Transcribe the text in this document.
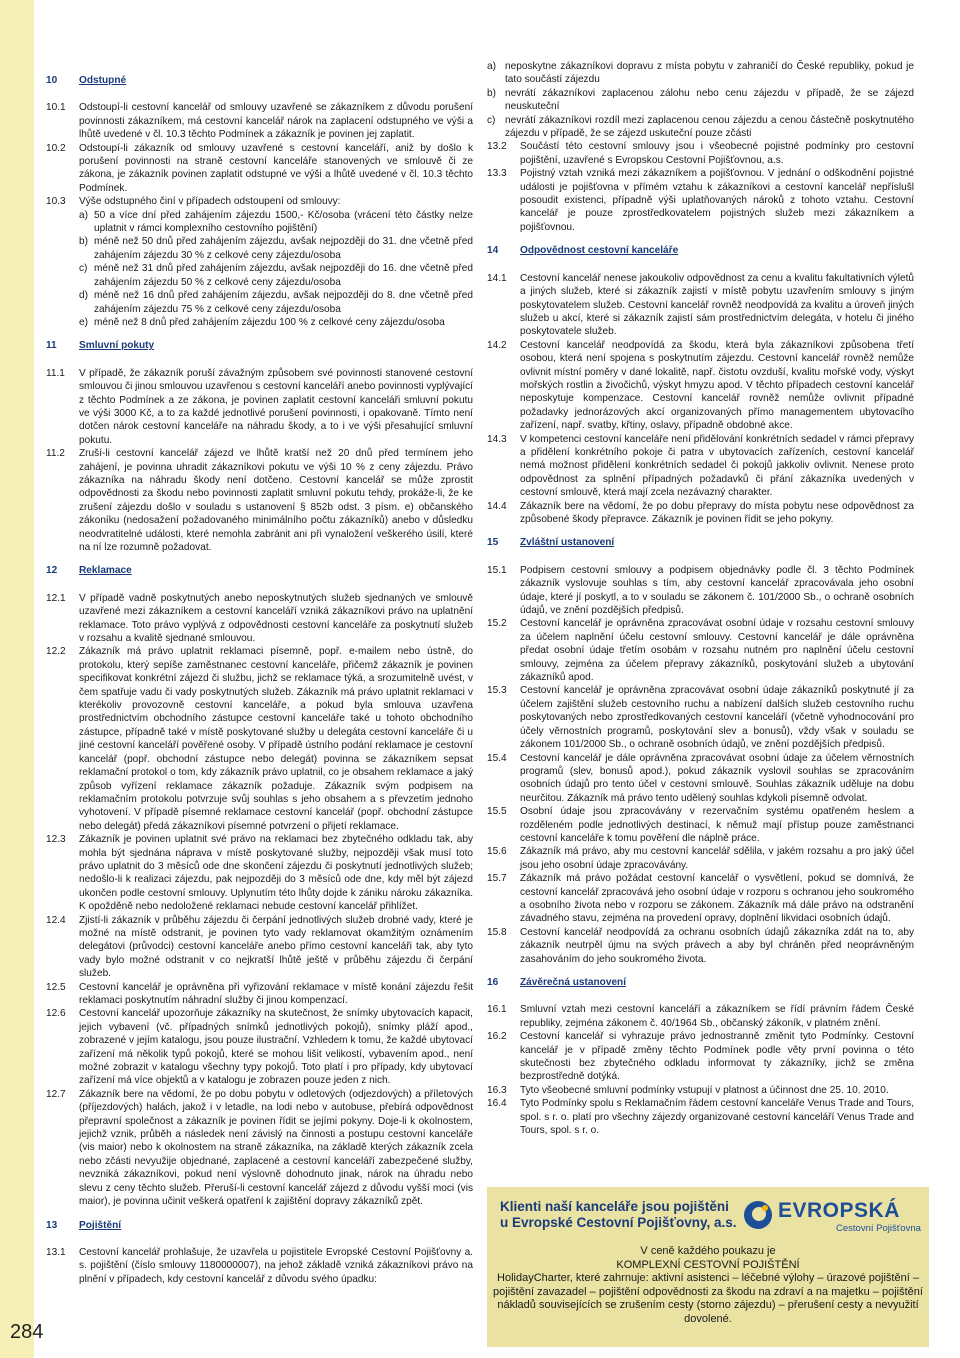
284
10	Odstupné
10.1	Odstoupí-li cestovní kancelář od smlouvy uzavřené se zákazníkem z důvodu porušení povinnosti zákazníkem, má cestovní kancelář nárok na zaplacení odstupného ve výši a lhůtě uvedené v čl. 10.3 těchto Podmínek a zákazník je povinen jej zaplatit.
10.2	Odstoupí-li zákazník od smlouvy uzavřené s cestovní kanceláří, aniž by došlo k porušení povinnosti na straně cestovní kanceláře stanovených ve smlouvě či ze zákona, je zákazník povinen zaplatit odstupné ve výši a lhůtě uvedené v čl. 10.3 těchto Podmínek.
10.3	Výše odstupného činí v případech odstoupení od smlouvy:
a) 50 a více dní před zahájením zájezdu 1500,- Kč/osoba (vrácení této částky nelze uplatnit v rámci komplexního cestovního pojištění)
b) méně než 50 dnů před zahájením zájezdu, avšak nejpozději do 31. dne včetně před zahájením zájezdu 30 % z celkové ceny zájezdu/osoba
c) méně než 31 dnů před zahájením zájezdu, avšak nejpozději do 16. dne včetně před zahájením zájezdu 50 % z celkové ceny zájezdu/osoba
d) méně než 16 dnů před zahájením zájezdu, avšak nejpozději do 8. dne včetně před zahájením zájezdu 75 % z celkové ceny zájezdu/osoba
e) méně než 8 dnů před zahájením zájezdu 100 % z celkové ceny zájezdu/osoba
11	Smluvní pokuty
11.1	V případě, že zákazník poruší závažným způsobem své povinnosti stanovené cestovní smlouvou či jinou smlouvou uzavřenou s cestovní kanceláří anebo povinnosti vyplývající z těchto Podmínek a ze zákona, je povinen zaplatit cestovní kanceláři smluvní pokutu ve výši 3000 Kč, a to za každé jednotlivé porušení povinnosti, i opakovaně. Tímto není dotčen nárok cestovní kanceláře na náhradu škody, a to i ve výši přesahující smluvní pokutu.
11.2	Zruší-li cestovní kancelář zájezd ve lhůtě kratší než 20 dnů před termínem jeho zahájení, je povinna uhradit zákazníkovi pokutu ve výši 10 % z ceny zájezdu. Právo zákazníka na náhradu škody není dotčeno. Cestovní kancelář se může zprostit odpovědnosti za škodu nebo povinnosti zaplatit smluvní pokutu tehdy, prokáže-li, že ke zrušení zájezdu došlo v souladu s ustanovení § 852b odst. 3 písm. e) občanského zákoníku (nedosažení požadovaného minimálního počtu zákazníků) anebo v důsledku neodvratitelné události, které nemohla zabránit ani při vynaložení veškerého úsilí, které na ní lze rozumně požadovat.
12	Reklamace
12.1	V případě vadně poskytnutých anebo neposkytnutých služeb sjednaných ve smlouvě uzavřené mezi zákazníkem a cestovní kanceláří vzniká zákazníkovi právo na uplatnění reklamace. Toto právo vyplývá z odpovědnosti cestovní kanceláře za poskytnutí služeb v rozsahu a kvalitě sjednané smlouvou.
12.2	Zákazník má právo uplatnit reklamaci písemně, popř. e-mailem nebo ústně, do protokolu, který sepíše zaměstnanec cestovní kanceláře, přičemž zákazník je povinen specifikovat konkrétní zájezd či službu, jichž se reklamace týká, a srozumitelně uvést, v čem spatřuje vadu či vady poskytnutých služeb. Zákazník má právo uplatnit reklamaci v kterékoliv provozovně cestovní kanceláře, a pokud byla smlouva uzavřena prostřednictvím obchodního zástupce cestovní kanceláře také u tohoto obchodního zástupce, případně také v místě poskytované služby u delegáta cestovní kanceláře či u jiné cestovní kanceláří pověřené osoby. V případě ústního podání reklamace je cestovní kancelář (popř. obchodní zástupce nebo delegát) povinna se zákazníkem sepsat reklamační protokol o tom, kdy zákazník právo uplatnil, co je obsahem reklamace a jaký způsob vyřízení reklamace zákazník požaduje. Zákazník svým podpisem na reklamačním protokolu potvrzuje svůj souhlas s jeho obsahem a s převzetím jednoho vyhotovení. V případě písemné reklamace cestovní kancelář (popř. obchodní zástupce nebo delegát) předá zákazníkovi písemné potvrzení o přijetí reklamace.
12.3	Zákazník je povinen uplatnit své právo na reklamaci bez zbytečného odkladu tak, aby mohla být sjednána náprava v místě poskytované služby, nejpozději však musí toto právo uplatnit do 3 měsíců ode dne skončení zájezdu či poskytnutí jednotlivých služeb; nedošlo-li k realizaci zájezdu, pak nejpozději do 3 měsíců ode dne, kdy měl být zájezd ukončen podle cestovní smlouvy. Uplynutím této lhůty dojde k zániku nároku zákazníka. K opožděně nebo nedoložené reklamaci nebude cestovní kancelář přihlížet.
12.4	Zjistí-li zákazník v průběhu zájezdu či čerpání jednotlivých služeb drobné vady, které je možné na místě odstranit, je povinen tyto vady reklamovat okamžitým oznámením delegátovi (průvodci) cestovní kanceláře anebo přímo cestovní kanceláři tak, aby tyto vady bylo možné odstranit v co nejkratší lhůtě ještě v průběhu zájezdu či čerpání služeb.
12.5	Cestovní kancelář je oprávněna při vyřizování reklamace v místě konání zájezdu řešit reklamaci poskytnutím náhradní služby či jinou kompenzací.
12.6	Cestovní kancelář upozorňuje zákazníky na skutečnost, že snímky ubytovacích kapacit, jejich vybavení (vč. případných snímků jednotlivých pokojů), snímky pláží apod., zobrazené v jejím katalogu, jsou pouze ilustrační. Vzhledem k tomu, že každé ubytovací zařízení má několik typů pokojů, které se mohou lišit velikostí, vybavením apod., není možné zobrazit v katalogu všechny typy pokojů. Toto platí i pro případy, kdy ubytovací zařízení má více objektů a v katalogu je zobrazen pouze jeden z nich.
12.7	Zákazník bere na vědomí, že po dobu pobytu v odletových (odjezdových) a příletových (příjezdových) halách, jakož i v letadle, na lodi nebo v autobuse, přebírá odpovědnost přepravní společnost a zákazník je povinen řídit se jejími pokyny. Doje-li k okolnostem, jejichž vznik, průběh a následek není závislý na činnosti a postupu cestovní kanceláře (vis maior) nebo k okolnostem na straně zákazníka, na základě kterých zákazník zcela nebo zčásti nevyužije objednané, zaplacené a cestovní kanceláří zabezpečené služby, nevzniká zákazníkovi, pokud není výslovně dohodnuto jinak, nárok na úhradu nebo slevu z ceny těchto služeb. Přeruší-li cestovní kancelář zájezd z důvodu vyšší moci (vis maior), je povinna učinit veškerá opatření k zajištění dopravy zákazníků zpět.
13	Pojištění
13.1	Cestovní kancelář prohlašuje, že uzavřela u pojistitele Evropské Cestovní Pojišťovny a. s. pojištění (číslo smlouvy 1180000007), na jehož základě vzniká zákazníkovi právo na plnění v případech, kdy cestovní kancelář z důvodu svého úpadku:
a) neposkytne zákazníkovi dopravu z místa pobytu v zahraničí do České republiky, pokud je tato součástí zájezdu
b) nevrátí zákazníkovi zaplacenou zálohu nebo cenu zájezdu v případě, že se zájezd neuskuteční
c) nevrátí zákazníkovi rozdíl mezi zaplacenou cenou zájezdu a cenou částečně poskytnutého zájezdu v případě, že se zájezd uskuteční pouze zčásti
13.2	Součástí této cestovní smlouvy jsou i všeobecné pojistné podmínky pro cestovní pojištění, uzavřené s Evropskou Cestovní Pojišťovnou, a.s.
13.3	Pojistný vztah vzniká mezi zákazníkem a pojišťovnou. V jednání o odškodnění pojistné události je pojišťovna v přímém vztahu k zákazníkovi a cestovní kancelář nepříslušl posoudit existenci, případně výši uplatňovaných nároků z tohoto vztahu. Cestovní kancelář je pouze zprostředkovatelem pojistných služeb mezi zákazníkem a pojišťovnou.
14	Odpovědnost cestovní kanceláře
14.1	Cestovní kancelář nenese jakoukoliv odpovědnost za cenu a kvalitu fakultativních výletů a jiných služeb, které si zákazník zajistí v místě pobytu uzavřením smlouvy s jiným poskytovatelem služeb. Cestovní kancelář rovněž neodpovídá za kvalitu a úroveň jiných služeb u akcí, které si zákazník zajistí sám prostřednictvím delegáta, v hotelu či jiného poskytovatele služeb.
14.2	Cestovní kancelář neodpovídá za škodu, která byla zákazníkovi způsobena třetí osobou, která není spojena s poskytnutím zájezdu. Cestovní kancelář rovněž nemůže ovlivnit místní poměry v dané lokalitě, např. čistotu ovzduší, kvalitu mořské vody, výskyt mořských rostlin a živočichů, výskyt hmyzu apod. V těchto případech cestovní kancelář neposkytuje kompenzace. Cestovní kancelář rovněž nemůže ovlivnit případné požadavky jednorázových akcí organizovaných přímo managementem ubytovacího zařízení, např. svatby, křtiny, oslavy, případně obdobné akce.
14.3	V kompetenci cestovní kanceláře není přidělování konkrétních sedadel v rámci přepravy a přidělení konkrétního pokoje či patra v ubytovacích zařízeních, cestovní kancelář nemá možnost přidělení konkrétních sedadel či pokojů jakkoliv ovlivnit. Nenese proto odpovědnost za splnění případných požadavků či přání zákazníka uvedených v cestovní smlouvě, která mají zcela nezávazný charakter.
14.4	Zákazník bere na vědomí, že po dobu přepravy do místa pobytu nese odpovědnost za způsobené škody přepravce. Zákazník je povinen řídit se jeho pokyny.
15	Zvláštní ustanovení
15.1	Podpisem cestovní smlouvy a podpisem objednávky podle čl. 3 těchto Podmínek zákazník vyslovuje souhlas s tím, aby cestovní kancelář zpracovávala jeho osobní údaje, které jí poskytl, a to v souladu se zákonem č. 101/2000 Sb., o ochraně osobních údajů, ve znění pozdějších předpisů.
15.2	Cestovní kancelář je oprávněna zpracovávat osobní údaje v rozsahu cestovní smlouvy za účelem naplnění účelu cestovní smlouvy. Cestovní kancelář je dále oprávněna předat osobní údaje třetím osobám v rozsahu nutném pro naplnění účelu cestovní smlouvy, zejména za účelem přepravy zákazníků, poskytování služeb a ubytování zákazníků apod.
15.3	Cestovní kancelář je oprávněna zpracovávat osobní údaje zákazníků poskytnuté jí za účelem zajištění služeb cestovního ruchu a nabízení dalších služeb cestovního ruchu poskytovaných nebo zprostředkovaných cestovní kanceláří (včetně vyhodnocování pro účely věrnostních programů, poskytování slev a bonusů), vždy však v souladu se zákonem 101/2000 Sb., o ochraně osobních údajů, ve znění pozdějších předpisů.
15.4	Cestovní kancelář je dále oprávněna zpracovávat osobní údaje za účelem věrnostních programů (slev, bonusů apod.), pokud zákazník vyslovil souhlas se zpracováním osobních údajů pro tento účel v cestovní smlouvě. Souhlas zákazník uděluje na dobu neurčitou. Zákazník má právo tento udělený souhlas kdykoli písemně odvolat.
15.5	Osobní údaje jsou zpracovávány v rezervačním systému opatřeném heslem a rozděleném podle jednotlivých destinací, k němuž mají přístup pouze zaměstnanci cestovní kanceláře k tomu pověření dle náplně práce.
15.6	Zákazník má právo, aby mu cestovní kancelář sdělila, v jakém rozsahu a pro jaký účel jsou jeho osobní údaje zpracovávány.
15.7	Zákazník má právo požádat cestovní kancelář o vysvětlení, pokud se domnívá, že cestovní kancelář zpracovává jeho osobní údaje v rozporu s ochranou jeho soukromého a osobního života nebo v rozporu se zákonem. Zákazník má dále právo na odstranění závadného stavu, zejména na provedení opravy, doplnění likvidaci osobních údajů.
15.8	Cestovní kancelář neodpovídá za ochranu osobních údajů zákazníka zdát na to, aby zákazník neutrpěl újmu na svých právech a aby byl chráněn před neoprávněným zasahováním do jeho soukromého života.
16	Závěrečná ustanovení
16.1	Smluvní vztah mezi cestovní kanceláří a zákazníkem se řídí právním řádem České republiky, zejména zákonem č. 40/1964 Sb., občanský zákoník, v platném znění.
16.2	Cestovní kancelář si vyhrazuje právo jednostranně změnit tyto Podmínky. Cestovní kancelář je v případě změny těchto Podmínek podle věty první povinna o této skutečnosti bez zbytečného odkladu informovat ty zákazníky, jichž se změna bezprostředně dotýká.
16.3	Tyto všeobecné smluvní podmínky vstupují v platnost a účinnost dne 25. 10. 2010.
16.4	Tyto Podmínky spolu s Reklamačním řádem cestovní kanceláře Venus Trade and Tours, spol. s r. o. platí pro všechny zájezdy organizované cestovní kanceláří Venus Trade and Tours, spol. s r. o.
Klienti naší kanceláře jsou pojištěni
u Evropské Cestovní Pojišťovny, a.s.
EVROPSKÁ
Cestovní Pojišťovna
V ceně každého poukazu je
KOMPLEXNÍ CESTOVNÍ POJIŠTĚNÍ
HolidayCharter, které zahrnuje: aktivní asistenci – léčebné výlohy – úrazové pojištění – pojištění zavazadel – pojištění odpovědnosti za škodu na zdraví a na majetku – pojištění nákladů souvisejících se zrušením cesty (storno zájezdu) – přerušení cesty a nevyužití dovolené.
